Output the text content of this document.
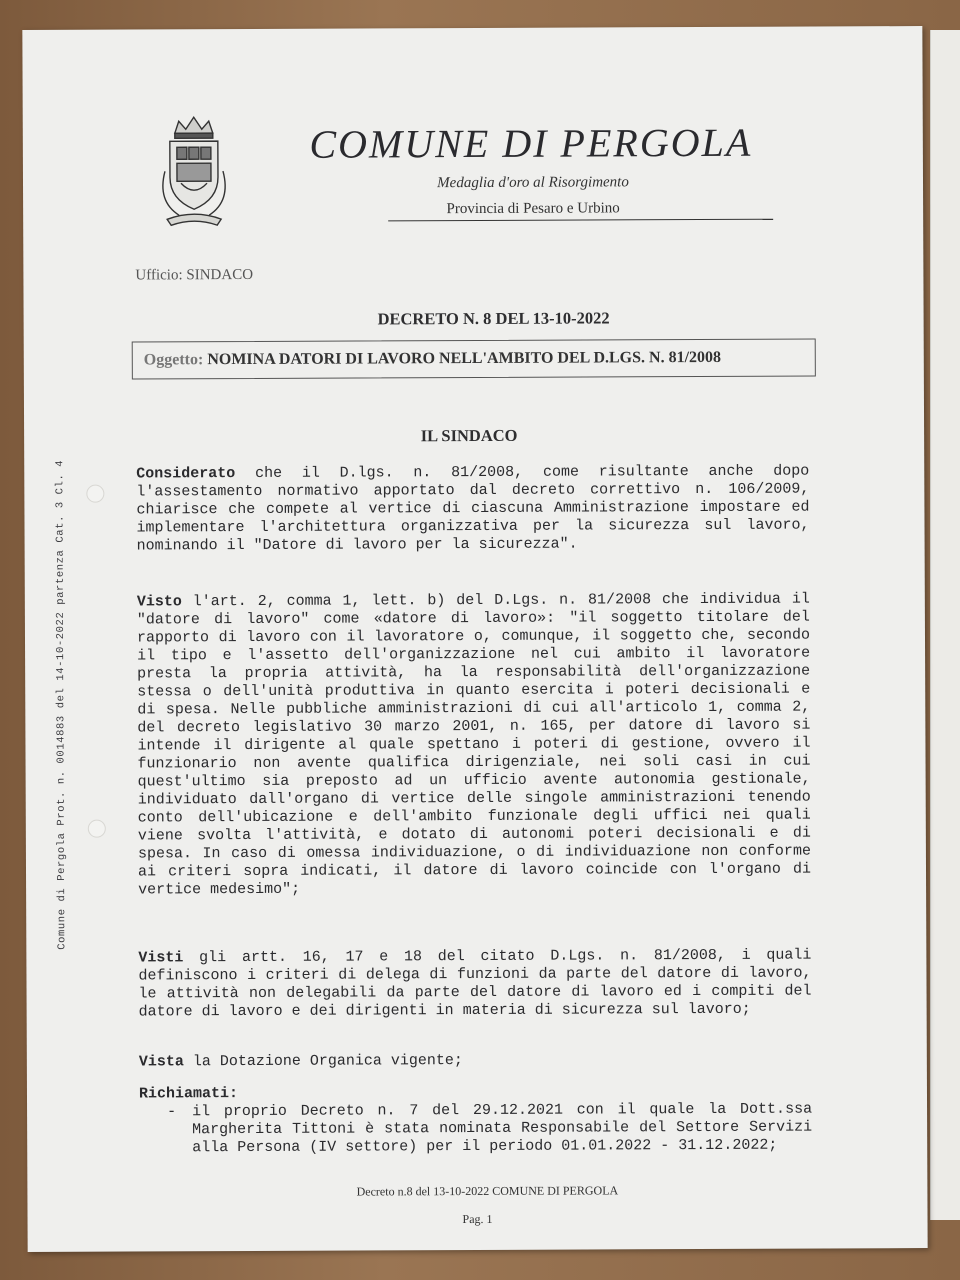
Comune di Pergola Prot. n. 0014883 del 14-10-2022 partenza Cat. 3 Cl. 4
COMUNE DI PERGOLA
Medaglia d'oro al Risorgimento
Provincia di Pesaro e Urbino
Ufficio: SINDACO
DECRETO N. 8 DEL 13-10-2022
Oggetto: NOMINA DATORI DI LAVORO NELL'AMBITO DEL D.LGS. N. 81/2008
IL SINDACO
Considerato che il D.lgs. n. 81/2008, come risultante anche dopo l'assestamento normativo apportato dal decreto correttivo n. 106/2009, chiarisce che compete al vertice di ciascuna Amministrazione impostare ed implementare l'architettura organizzativa per la sicurezza sul lavoro, nominando il "Datore di lavoro per la sicurezza".
Visto l'art. 2, comma 1, lett. b) del D.Lgs. n. 81/2008 che individua il "datore di lavoro" come «datore di lavoro»: "il soggetto titolare del rapporto di lavoro con il lavoratore o, comunque, il soggetto che, secondo il tipo e l'assetto dell'organizzazione nel cui ambito il lavoratore presta la propria attività, ha la responsabilità dell'organizzazione stessa o dell'unità produttiva in quanto esercita i poteri decisionali e di spesa. Nelle pubbliche amministrazioni di cui all'articolo 1, comma 2, del decreto legislativo 30 marzo 2001, n. 165, per datore di lavoro si intende il dirigente al quale spettano i poteri di gestione, ovvero il funzionario non avente qualifica dirigenziale, nei soli casi in cui quest'ultimo sia preposto ad un ufficio avente autonomia gestionale, individuato dall'organo di vertice delle singole amministrazioni tenendo conto dell'ubicazione e dell'ambito funzionale degli uffici nei quali viene svolta l'attività, e dotato di autonomi poteri decisionali e di spesa. In caso di omessa individuazione, o di individuazione non conforme ai criteri sopra indicati, il datore di lavoro coincide con l'organo di vertice medesimo";
Visti gli artt. 16, 17 e 18 del citato D.Lgs. n. 81/2008, i quali definiscono i criteri di delega di funzioni da parte del datore di lavoro, le attività non delegabili da parte del datore di lavoro ed i compiti del datore di lavoro e dei dirigenti in materia di sicurezza sul lavoro;
Vista la Dotazione Organica vigente;
Richiamati:
-	il proprio Decreto n. 7 del 29.12.2021 con il quale la Dott.ssa Margherita Tittoni è stata nominata Responsabile del Settore Servizi alla Persona (IV settore) per il periodo 01.01.2022 - 31.12.2022;
Decreto n.8 del 13-10-2022 COMUNE DI PERGOLA
Pag. 1
